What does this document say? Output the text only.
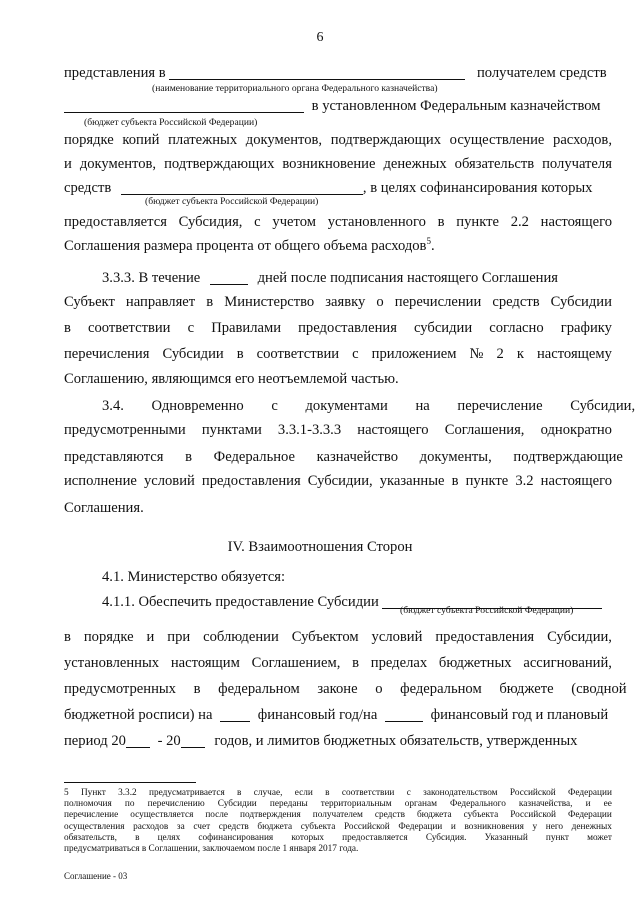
6
представления в	получателем средств
(наименование территориального органа Федерального казначейства)
в установленном Федеральным казначейством
(бюджет субъекта Российской Федерации)
порядке копий платежных документов, подтверждающих осуществление расходов,
и документов, подтверждающих возникновение денежных обязательств получателя
средств	, в целях софинансирования которых
(бюджет субъекта Российской Федерации)
предоставляется Субсидия, с учетом установленного в пункте 2.2 настоящего
Соглашения размера процента от общего объема расходов$^5$.
3.3.3. В течение	дней после подписания настоящего Соглашения
Субъект направляет в Министерство заявку о перечислении средств Субсидии
в соответствии с Правилами предоставления субсидии согласно графику
перечисления Субсидии в соответствии с приложением № 2 к настоящему
Соглашению, являющимся его неотъемлемой частью.
3.4. Одновременно с документами на перечисление Субсидии,
предусмотренными пунктами 3.3.1-3.3.3 настоящего Соглашения, однократно
представляются в Федеральное казначейство документы, подтверждающие
исполнение условий предоставления Субсидии, указанные в пункте 3.2 настоящего
Соглашения.
IV. Взаимоотношения Сторон
4.1. Министерство обязуется:
4.1.1. Обеспечить предоставление Субсидии
(бюджет субъекта Российской Федерации)
в порядке и при соблюдении Субъектом условий предоставления Субсидии,
установленных настоящим Соглашением, в пределах бюджетных ассигнований,
предусмотренных в федеральном законе о федеральном бюджете (сводной
бюджетной росписи) на	финансовый год/на	финансовый год и плановый
период 20 - 20 годов, и лимитов бюджетных обязательств, утвержденных
5 Пункт 3.3.2 предусматривается в случае, если в соответствии с законодательством Российской Федерации
полномочия по перечислению Субсидии переданы территориальным органам Федерального казначейства, и ее
перечисление осуществляется после подтверждения получателем средств бюджета субъекта Российской Федерации
осуществления расходов за счет средств бюджета субъекта Российской Федерации и возникновения у него денежных
обязательств, в целях софинансирования которых предоставляется Субсидия. Указанный пункт может
предусматриваться в Соглашении, заключаемом после 1 января 2017 года.
Соглашение - 03
